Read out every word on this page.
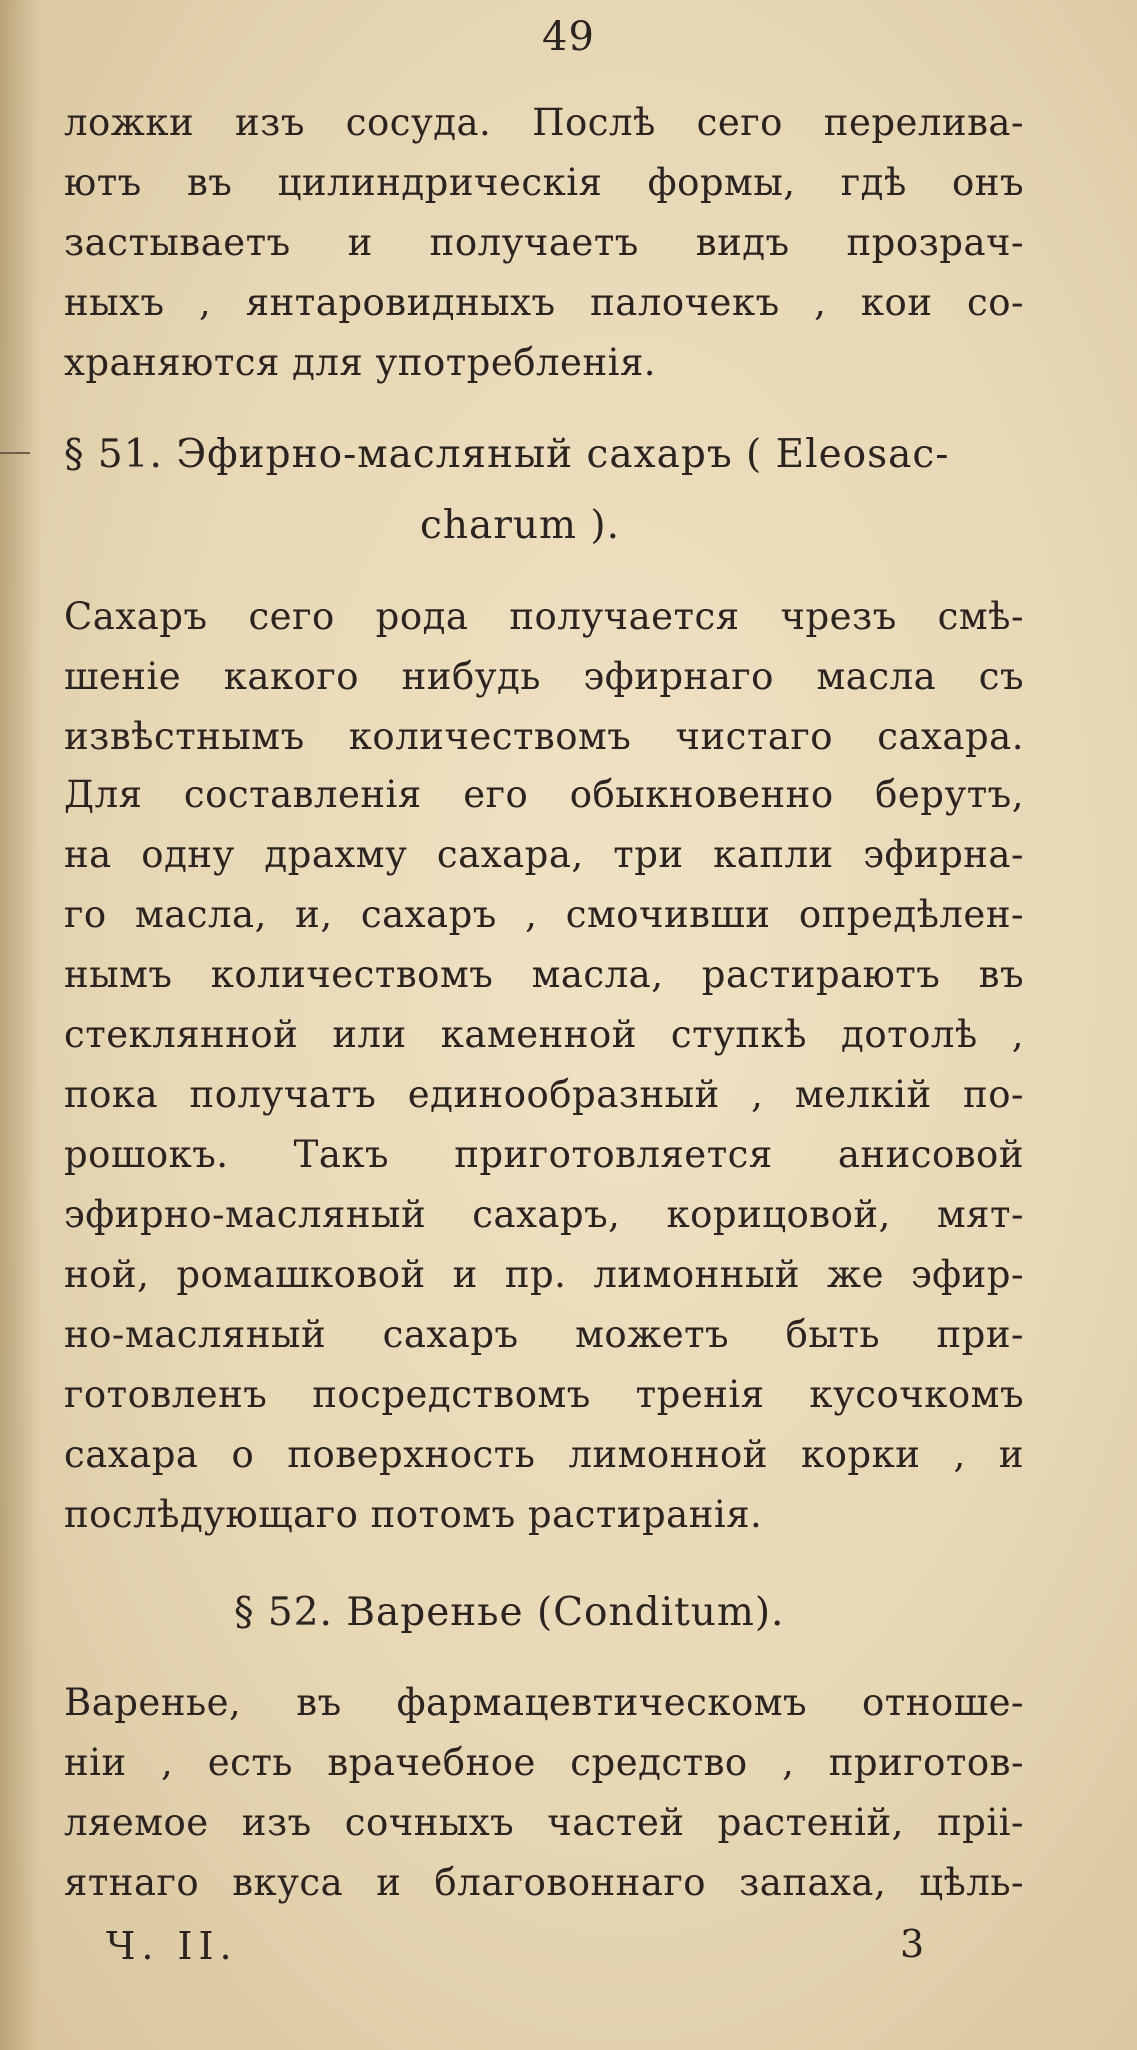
49
ложки изъ сосуда. Послѣ сего перелива-
ютъ въ цилиндрическія формы, гдѣ онъ
застываетъ и получаетъ видъ прозрач-
ныхъ , янтаровидныхъ палочекъ , кои со-
храняются для употребленія.
§ 51. Эфирно-масляный сахаръ ( Eleosac-
charum ).
Сахаръ сего рода получается чрезъ смѣ-
шеніе какого нибудь эфирнаго масла съ
извѣстнымъ количествомъ чистаго сахара.
Для составленія его обыкновенно берутъ,
на одну драхму сахара, три капли эфирна-
го масла, и, сахаръ , смочивши опредѣлен-
нымъ количествомъ масла, растираютъ въ
стеклянной или каменной ступкѣ дотолѣ ,
пока получатъ единообразный , мелкій по-
рошокъ. Такъ приготовляется анисовой
эфирно-масляный сахаръ, корицовой, мят-
ной, ромашковой и пр. лимонный же эфир-
но-масляный сахаръ можетъ быть при-
готовленъ посредствомъ тренія кусочкомъ
сахара о поверхность лимонной корки , и
послѣдующаго потомъ растиранія.
§ 52. Варенье (Conditum).
Варенье, въ фармацевтическомъ отноше-
ніи , есть врачебное средство , приготов-
ляемое изъ сочныхъ частей растеній, пріі-
ятнаго вкуса и благовоннаго запаха, цѣль-
Ч. II.	3
